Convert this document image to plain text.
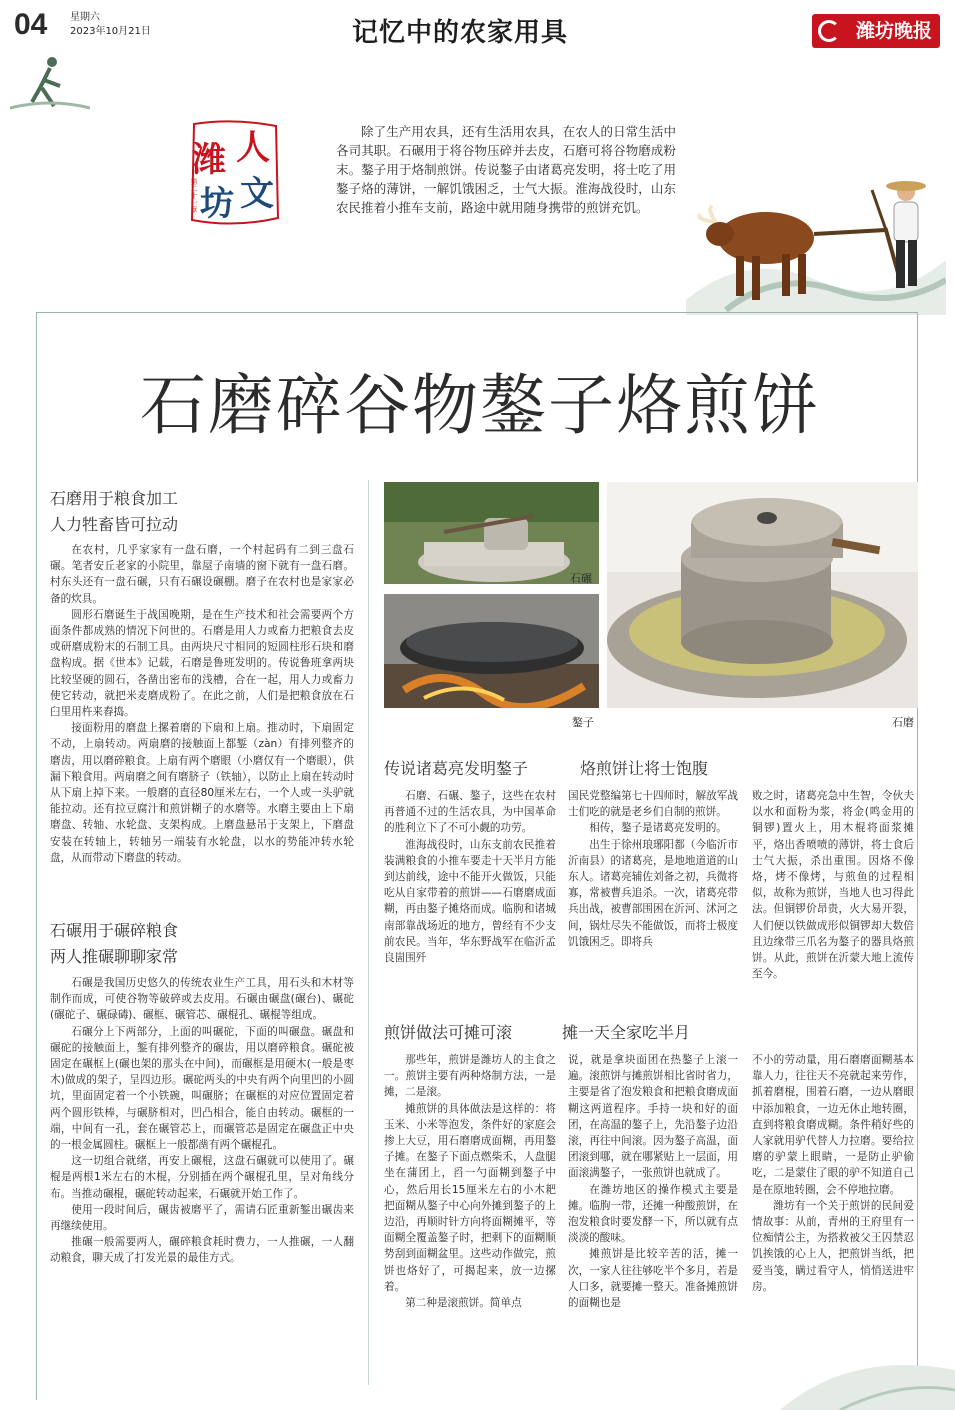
04 星期六
2023年10月21日	记忆中的农家用具	潍坊晚报
潍 人
坊 文
第二十一章
除了生产用农具，还有生活用农具，在农人的日常生活中各司其职。石碾用于将谷物压碎并去皮，石磨可将谷物磨成粉末。鏊子用于烙制煎饼。传说鏊子由诸葛亮发明，将士吃了用鏊子烙的薄饼，一解饥饿困乏，士气大振。淮海战役时，山东农民推着小推车支前，路途中就用随身携带的煎饼充饥。
石磨碎谷物鏊子烙煎饼
石磨用于粮食加工
人力牲畜皆可拉动

在农村，几乎家家有一盘石磨，一个村起码有二到三盘石碾。笔者安丘老家的小院里，靠屋子南墙的窗下就有一盘石磨。村东头还有一盘石碾，只有石碾设碾棚。磨子在农村也是家家必备的炊具。

圆形石磨诞生于战国晚期，是在生产技术和社会需要两个方面条件都成熟的情况下问世的。石磨是用人力或畜力把粮食去皮或研磨成粉末的石制工具。由两块尺寸相同的短圆柱形石块和磨盘构成。据《世本》记载，石磨是鲁班发明的。传说鲁班拿两块比较坚硬的圆石，各凿出密布的浅槽，合在一起，用人力或畜力使它转动，就把米麦磨成粉了。在此之前，人们是把粮食放在石臼里用杵来舂捣。

接面粉用的磨盘上摞着磨的下扇和上扇。推动时，下扇固定不动，上扇转动。两扇磨的接触面上都錾（zàn）有排列整齐的磨齿，用以磨碎粮食。上扇有两个磨眼（小磨仅有一个磨眼），供漏下粮食用。两扇磨之间有磨脐子（铁轴），以防止上扇在转动时从下扇上掉下来。一般磨的直径80厘米左右，一个人或一头驴就能拉动。还有拉豆腐汁和煎饼糊子的水磨等。水磨主要由上下扇磨盘、转轴、水轮盘、支架构成。上磨盘悬吊于支架上，下磨盘安装在转轴上，转轴另一端装有水轮盘，以水的势能冲转水轮盘，从而带动下磨盘的转动。

石碾用于碾碎粮食
两人推碾聊聊家常

石碾是我国历史悠久的传统农业生产工具，用石头和木材等制作而成，可使谷物等破碎或去皮用。石碾由碾盘(碾台)、碾砣(碾砣子、碾碌碡)、碾框、碾管芯、碾棍孔、碾棍等组成。

石碾分上下两部分，上面的叫碾砣，下面的叫碾盘。碾盘和碾砣的接触面上，錾有排列整齐的碾齿，用以磨碎粮食。碾砣被固定在碾框上(碾也架的那头在中间)，而碾框是用硬木(一般是枣木)做成的架子，呈四边形。碾砣两头的中央有两个向里凹的小圆坑，里面固定着一个小铁碗，叫碾脐；在碾框的对应位置固定着两个圆形铁棒，与碾脐相对，凹凸相合，能自由转动。碾框的一端，中间有一孔，套在碾管芯上，而碾管芯是固定在碾盘正中央的一根金属圆柱。碾框上一般都凿有两个碾棍孔。

这一切组合就绪，再安上碾棍，这盘石碾就可以使用了。碾棍是两根1米左右的木棍，分别插在两个碾棍孔里，呈对角线分布。当推动碾棍，碾砣转动起来，石碾就开始工作了。

使用一段时间后，碾齿被磨平了，需请石匠重新錾出碾齿来再继续使用。

推碾一般需要两人，碾碎粮食耗时费力，一人推碾，一人翻动粮食，聊天成了打发光景的最佳方式。

石碾
鏊子	石磨
传说诸葛亮发明鏊子	烙煎饼让将士饱腹

石磨、石碾、鏊子，这些在农村再普通不过的生活农具，为中国革命的胜利立下了不可小觑的功劳。

淮海战役时，山东支前农民推着装满粮食的小推车要走十天半月方能到达前线，途中不能开火做饭，只能吃从自家带着的煎饼——石磨磨成面糊，再由鏊子摊烙而成。临朐和诸城南部靠战场近的地方，曾经有不少支前农民。当年，华东野战军在临沂孟良崮围歼

国民党整编第七十四师时，解放军战士们吃的就是老乡们自制的煎饼。

相传，鏊子是诸葛亮发明的。

出生于徐州琅琊阳都（今临沂市沂南县）的诸葛亮，是地地道道的山东人。诸葛亮辅佐刘备之初，兵微将寡，常被曹兵追杀。一次，诸葛亮带兵出战，被曹部围困在沂河、沭河之间，锅灶尽失不能做饭，而将士极度饥饿困乏。即将兵

败之时，诸葛亮急中生智，令伙夫以水和面粉为浆，将金(鸣金用的铜锣)置火上，用木棍将面浆摊平，烙出香喷喷的薄饼，将士食后士气大振，杀出重围。因烙不像烙，烤不像烤，与煎鱼的过程相似，故称为煎饼，当地人也习得此法。但铜锣价昂贵，火大易开裂，人们便以铁做成形似铜锣却大数倍且边缘带三爪名为鏊子的器具烙煎饼。从此，煎饼在沂蒙大地上流传至今。

煎饼做法可摊可滚	摊一天全家吃半月

那些年，煎饼是潍坊人的主食之一。煎饼主要有两种烙制方法，一是摊，二是滚。

摊煎饼的具体做法是这样的：将玉米、小米等泡发，条件好的家庭会掺上大豆，用石磨磨成面糊，再用鏊子摊。在鏊子下面点燃柴禾，人盘腿坐在蒲团上，舀一勺面糊到鏊子中心，然后用长15厘米左右的小木耙把面糊从鏊子中心向外摊到鏊子的上边沿，再顺时针方向将面糊摊平，等面糊全覆盖鏊子时，把剩下的面糊顺势刮到面糊盆里。这些动作做完，煎饼也烙好了，可揭起来，放一边摞着。

第二种是滚煎饼。简单点

说，就是拿块面团在热鏊子上滚一遍。滚煎饼与摊煎饼相比省时省力，主要是省了泡发粮食和把粮食磨成面糊这两道程序。手持一块和好的面团，在高温的鏊子上，先沿鏊子边沿滚，再往中间滚。因为鏊子高温，面团滚到哪，就在哪紧贴上一层面，用面滚满鏊子，一张煎饼也就成了。

在潍坊地区的操作模式主要是摊。临朐一带，还摊一种酸煎饼，在泡发粮食时要发酵一下，所以就有点淡淡的酸味。

摊煎饼是比较辛苦的活，摊一次，一家人往往够吃半个多月，若是人口多，就要摊一整天。准备摊煎饼的面糊也是

不小的劳动量，用石磨磨面糊基本靠人力，往往天不亮就起来劳作，抓着磨棍，围着石磨，一边从磨眼中添加粮食，一边无休止地转圈，直到将粮食磨成糊。条件稍好些的人家就用驴代替人力拉磨。要给拉磨的驴蒙上眼睛，一是防止驴偷吃，二是蒙住了眼的驴不知道自己是在原地转圈，会不停地拉磨。

潍坊有一个关于煎饼的民间爱情故事：从前，青州的王府里有一位痴情公主，为搭救被父王囚禁忍饥挨饿的心上人，把煎饼当纸，把爱当笺，瞒过看守人，悄悄送进牢房。
